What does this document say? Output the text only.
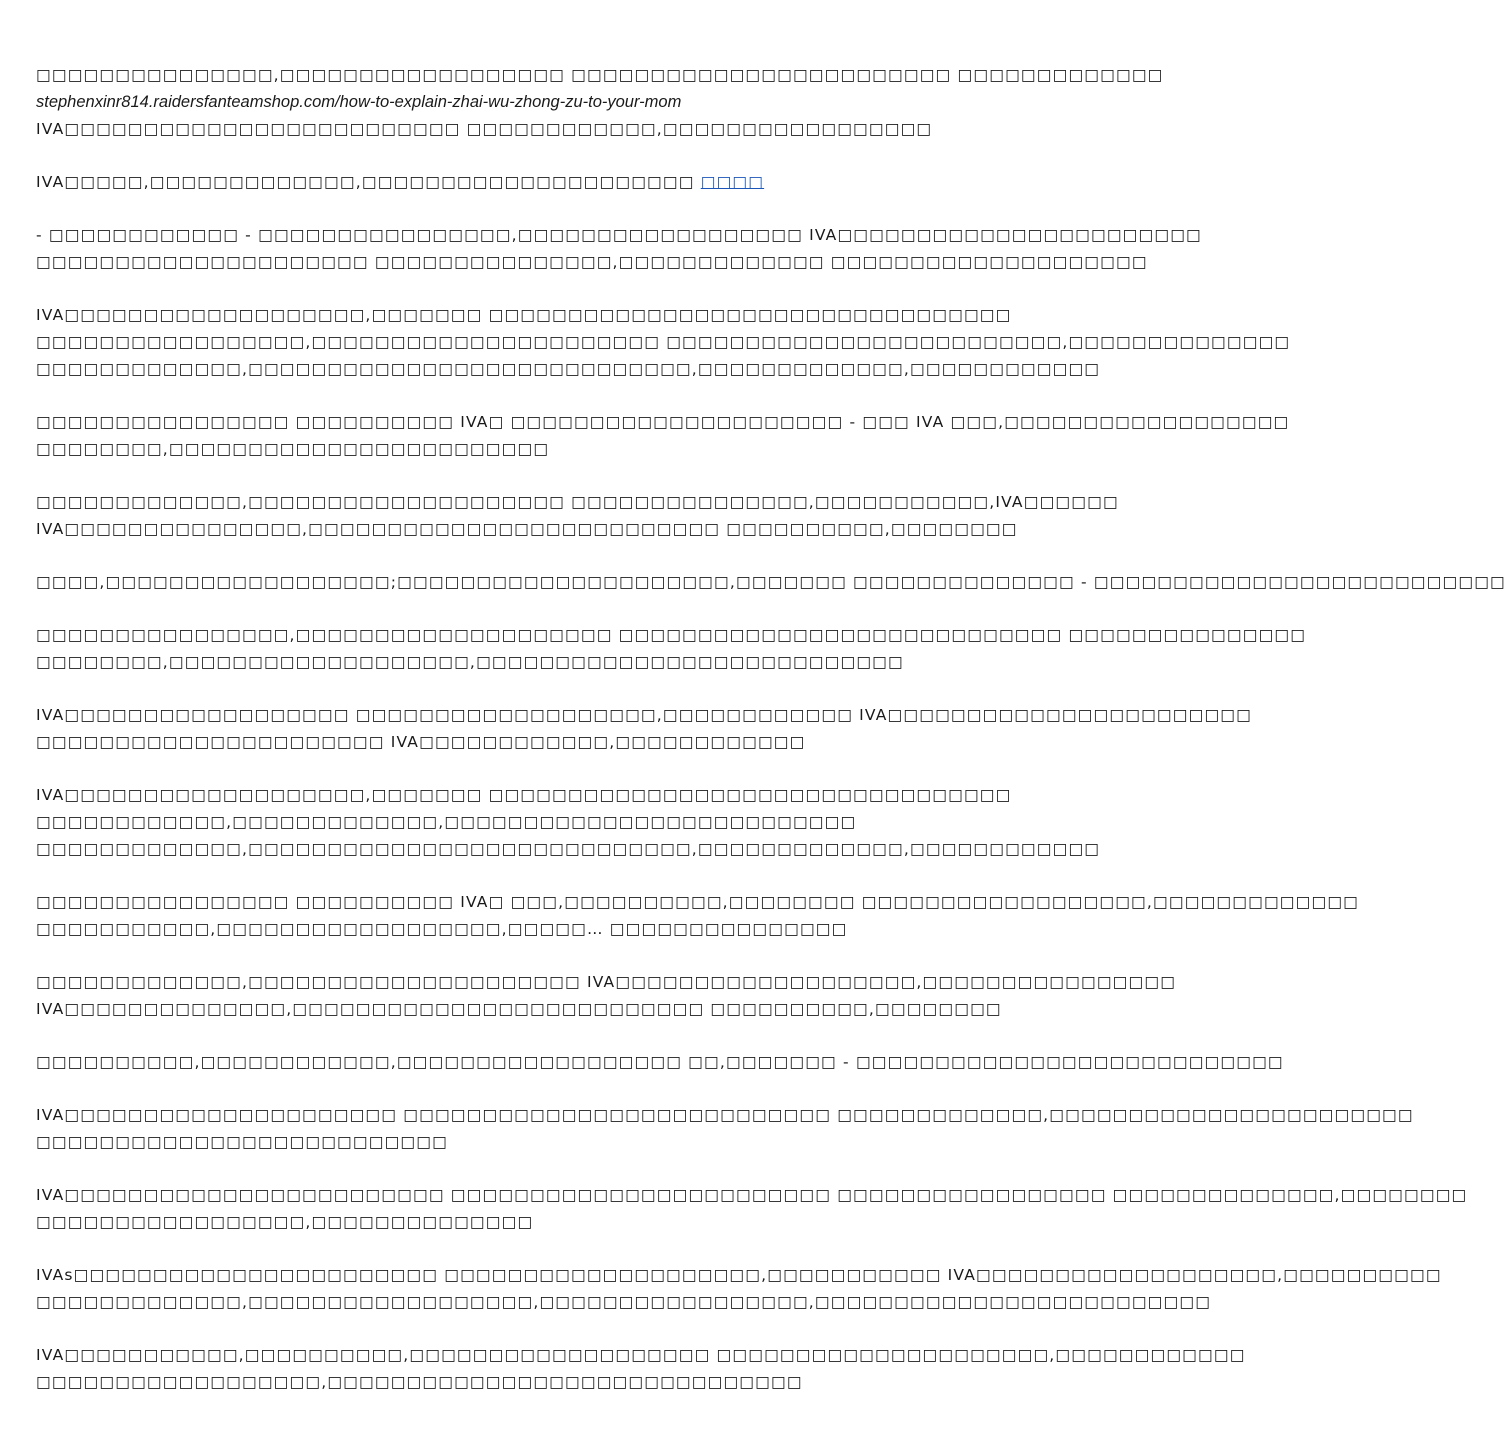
□□□□□□□□□□□□□□□,□□□□□□□□□□□□□□□□□□ □□□□□□□□□□□□□□□□□□□□□□□□ □□□□□□□□□□□□□
stephenxinr814.raidersfanteamshop.com/how-to-explain-zhai-wu-zhong-zu-to-your-mom
IVA□□□□□□□□□□□□□□□□□□□□□□□□□ □□□□□□□□□□□□,□□□□□□□□□□□□□□□□□
IVA□□□□□,□□□□□□□□□□□□□,□□□□□□□□□□□□□□□□□□□□□ □□□□
- □□□□□□□□□□□□ - □□□□□□□□□□□□□□□□,□□□□□□□□□□□□□□□□□□ IVA□□□□□□□□□□□□□□□□□□□□□□□
□□□□□□□□□□□□□□□□□□□□□ □□□□□□□□□□□□□□□,□□□□□□□□□□□□□ □□□□□□□□□□□□□□□□□□□□
IVA□□□□□□□□□□□□□□□□□□□,□□□□□□□ □□□□□□□□□□□□□□□□□□□□□□□□□□□□□□□□□
□□□□□□□□□□□□□□□□□,□□□□□□□□□□□□□□□□□□□□□□ □□□□□□□□□□□□□□□□□□□□□□□□□,□□□□□□□□□□□□□□
□□□□□□□□□□□□□,□□□□□□□□□□□□□□□□□□□□□□□□□□□□,□□□□□□□□□□□□□,□□□□□□□□□□□□
□□□□□□□□□□□□□□□□ □□□□□□□□□□ IVA□ □□□□□□□□□□□□□□□□□□□□□ - □□□ IVA □□□,□□□□□□□□□□□□□□□□□□
□□□□□□□□,□□□□□□□□□□□□□□□□□□□□□□□□
□□□□□□□□□□□□□,□□□□□□□□□□□□□□□□□□□□ □□□□□□□□□□□□□□□,□□□□□□□□□□□,IVA□□□□□□
IVA□□□□□□□□□□□□□□□,□□□□□□□□□□□□□□□□□□□□□□□□□□ □□□□□□□□□□,□□□□□□□□
□□□□,□□□□□□□□□□□□□□□□□□;□□□□□□□□□□□□□□□□□□□□□,□□□□□□□ □□□□□□□□□□□□□□ - □□□□□□□□□□□□□□□□□□□□□□□□□□
□□□□□□□□□□□□□□□□,□□□□□□□□□□□□□□□□□□□□ □□□□□□□□□□□□□□□□□□□□□□□□□□□□ □□□□□□□□□□□□□□□
□□□□□□□□,□□□□□□□□□□□□□□□□□□□,□□□□□□□□□□□□□□□□□□□□□□□□□□□
IVA□□□□□□□□□□□□□□□□□□ □□□□□□□□□□□□□□□□□□□,□□□□□□□□□□□□ IVA□□□□□□□□□□□□□□□□□□□□□□□
□□□□□□□□□□□□□□□□□□□□□□ IVA□□□□□□□□□□□□,□□□□□□□□□□□□
IVA□□□□□□□□□□□□□□□□□□□,□□□□□□□ □□□□□□□□□□□□□□□□□□□□□□□□□□□□□□□□□
□□□□□□□□□□□□,□□□□□□□□□□□□□,□□□□□□□□□□□□□□□□□□□□□□□□□□
□□□□□□□□□□□□□,□□□□□□□□□□□□□□□□□□□□□□□□□□□□,□□□□□□□□□□□□□,□□□□□□□□□□□□
□□□□□□□□□□□□□□□□ □□□□□□□□□□ IVA□ □□□,□□□□□□□□□□,□□□□□□□□ □□□□□□□□□□□□□□□□□□,□□□□□□□□□□□□□
□□□□□□□□□□□,□□□□□□□□□□□□□□□□□□,□□□□□… □□□□□□□□□□□□□□□
□□□□□□□□□□□□□,□□□□□□□□□□□□□□□□□□□□□ IVA□□□□□□□□□□□□□□□□□□□,□□□□□□□□□□□□□□□□
IVA□□□□□□□□□□□□□□,□□□□□□□□□□□□□□□□□□□□□□□□□□ □□□□□□□□□□,□□□□□□□□
□□□□□□□□□□,□□□□□□□□□□□□,□□□□□□□□□□□□□□□□□□ □□,□□□□□□□ - □□□□□□□□□□□□□□□□□□□□□□□□□□□
IVA□□□□□□□□□□□□□□□□□□□□□ □□□□□□□□□□□□□□□□□□□□□□□□□□□ □□□□□□□□□□□□□,□□□□□□□□□□□□□□□□□□□□□□□
□□□□□□□□□□□□□□□□□□□□□□□□□□
IVA□□□□□□□□□□□□□□□□□□□□□□□□ □□□□□□□□□□□□□□□□□□□□□□□□ □□□□□□□□□□□□□□□□□ □□□□□□□□□□□□□□,□□□□□□□□
□□□□□□□□□□□□□□□□□,□□□□□□□□□□□□□□
IVAs□□□□□□□□□□□□□□□□□□□□□□□ □□□□□□□□□□□□□□□□□□□□,□□□□□□□□□□□ IVA□□□□□□□□□□□□□□□□□□□,□□□□□□□□□□
□□□□□□□□□□□□□,□□□□□□□□□□□□□□□□□□,□□□□□□□□□□□□□□□□□,□□□□□□□□□□□□□□□□□□□□□□□□□
IVA□□□□□□□□□□□,□□□□□□□□□□,□□□□□□□□□□□□□□□□□□□ □□□□□□□□□□□□□□□□□□□□□,□□□□□□□□□□□□
□□□□□□□□□□□□□□□□□□,□□□□□□□□□□□□□□□□□□□□□□□□□□□□□□
